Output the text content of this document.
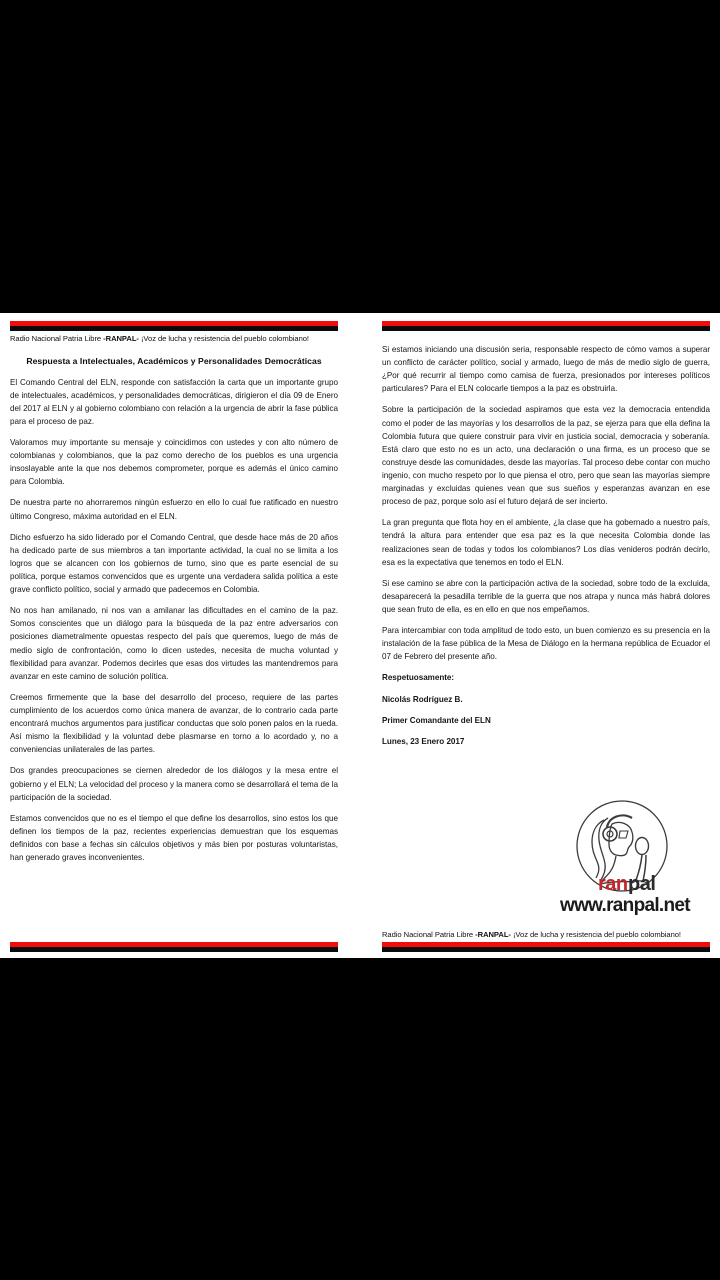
Radio Nacional Patria Libre -RANPAL- ¡Voz de lucha y resistencia del pueblo colombiano!
Respuesta a Intelectuales, Académicos y Personalidades Democráticas

El Comando Central del ELN, responde con satisfacción la carta que un importante grupo de intelectuales, académicos, y personalidades democráticas, dirigieron el día 09 de Enero del 2017 al ELN y al gobierno colombiano con relación a la urgencia de abrir la fase pública para el proceso de paz.

Valoramos muy importante su mensaje y coincidimos con ustedes y con alto número de colombianas y colombianos, que la paz como derecho de los pueblos es una urgencia insoslayable ante la que nos debemos comprometer, porque es además el único camino para Colombia.

De nuestra parte no ahorraremos ningún esfuerzo en ello lo cual fue ratificado en nuestro último Congreso, máxima autoridad en el ELN.

Dicho esfuerzo ha sido liderado por el Comando Central, que desde hace más de 20 años ha dedicado parte de sus miembros a tan importante actividad, la cual no se limita a los logros que se alcancen con los gobiernos de turno, sino que es parte esencial de su política, porque estamos convencidos que es urgente una verdadera salida política a este grave conflicto político, social y armado que padecemos en Colombia.

No nos han amilanado, ni nos van a amilanar las dificultades en el camino de la paz. Somos conscientes que un diálogo para la búsqueda de la paz entre adversarios con posiciones diametralmente opuestas respecto del país que queremos, luego de más de medio siglo de confrontación, como lo dicen ustedes, necesita de mucha voluntad y flexibilidad para avanzar. Podemos decirles que esas dos virtudes las mantendremos para avanzar en este camino de solución política.

Creemos firmemente que la base del desarrollo del proceso, requiere de las partes cumplimiento de los acuerdos como única manera de avanzar, de lo contrario cada parte encontrará muchos argumentos para justificar conductas que solo ponen palos en la rueda. Así mismo la flexibilidad y la voluntad debe plasmarse en torno a lo acordado y, no a conveniencias unilaterales de las partes.

Dos grandes preocupaciones se ciernen alrededor de los diálogos y la mesa entre el gobierno y el ELN; La velocidad del proceso y la manera como se desarrollará el tema de la participación de la sociedad.

Estamos convencidos que no es el tiempo el que define los desarrollos, sino estos los que definen los tiempos de la paz, recientes experiencias demuestran que los esquemas definidos con base a fechas sin cálculos objetivos y más bien por posturas voluntaristas, han generado graves inconvenientes.

Si estamos iniciando una discusión seria, responsable respecto de cómo vamos a superar un conflicto de carácter político, social y armado, luego de más de medio siglo de guerra, ¿Por qué recurrir al tiempo como camisa de fuerza, presionados por intereses políticos particulares? Para el ELN colocarle tiempos a la paz es obstruirla.

Sobre la participación de la sociedad aspiramos que esta vez la democracia entendida como el poder de las mayorías y los desarrollos de la paz, se ejerza para que ella defina la Colombia futura que quiere construir para vivir en justicia social, democracia y soberanía. Está claro que esto no es un acto, una declaración o una firma, es un proceso que se construye desde las comunidades, desde las mayorías. Tal proceso debe contar con mucho ingenio, con mucho respeto por lo que piensa el otro, pero que sean las mayorías siempre marginadas y excluidas quienes vean que sus sueños y esperanzas avanzan en ese proceso de paz, porque solo así el futuro dejará de ser incierto.

La gran pregunta que flota hoy en el ambiente, ¿la clase que ha gobernado a nuestro país, tendrá la altura para entender que esa paz es la que necesita Colombia donde las realizaciones sean de todas y todos los colombianos? Los días venideros podrán decirlo, esa es la expectativa que tenemos en todo el ELN.

Si ese camino se abre con la participación activa de la sociedad, sobre todo de la excluida, desaparecerá la pesadilla terrible de la guerra que nos atrapa y nunca más habrá dolores que sean fruto de ella, es en ello en que nos empeñamos.

Para intercambiar con toda amplitud de todo esto, un buen comienzo es su presencia en la instalación de la fase pública de la Mesa de Diálogo en la hermana república de Ecuador el 07 de Febrero del presente año.

Respetuosamente:

Nicolás Rodríguez B.

Primer Comandante del ELN

Lunes, 23 Enero 2017

Radio Nacional Patria Libre -RANPAL- ¡Voz de lucha y resistencia del pueblo colombiano!
ran pal
www.ranpal.net
